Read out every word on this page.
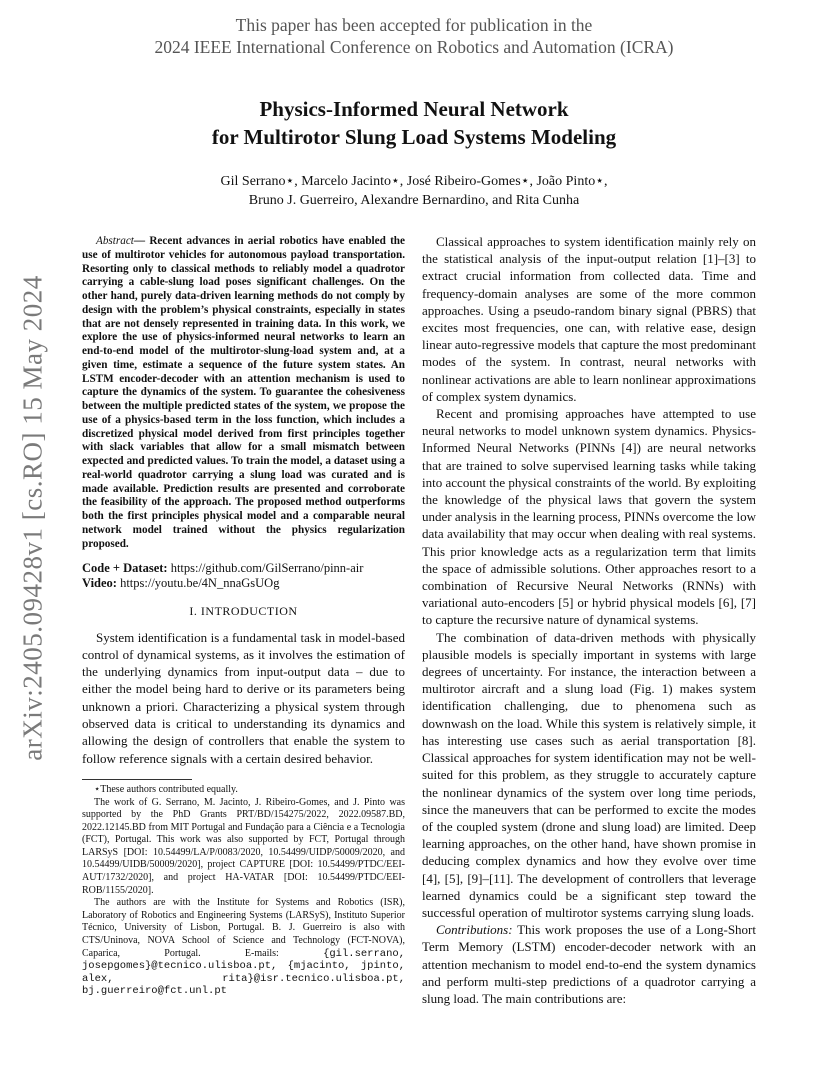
This paper has been accepted for publication in the
2024 IEEE International Conference on Robotics and Automation (ICRA)
arXiv:2405.09428v1 [cs.RO] 15 May 2024
Physics-Informed Neural Network
for Multirotor Slung Load Systems Modeling
Gil Serrano⋆, Marcelo Jacinto⋆, José Ribeiro-Gomes⋆, João Pinto⋆,
Bruno J. Guerreiro, Alexandre Bernardino, and Rita Cunha

Abstract— Recent advances in aerial robotics have enabled the use of multirotor vehicles for autonomous payload transportation. Resorting only to classical methods to reliably model a quadrotor carrying a cable-slung load poses significant challenges. On the other hand, purely data-driven learning methods do not comply by design with the problem’s physical constraints, especially in states that are not densely represented in training data. In this work, we explore the use of physics-informed neural networks to learn an end-to-end model of the multirotor-slung-load system and, at a given time, estimate a sequence of the future system states. An LSTM encoder-decoder with an attention mechanism is used to capture the dynamics of the system. To guarantee the cohesiveness between the multiple predicted states of the system, we propose the use of a physics-based term in the loss function, which includes a discretized physical model derived from first principles together with slack variables that allow for a small mismatch between expected and predicted values. To train the model, a dataset using a real-world quadrotor carrying a slung load was curated and is made available. Prediction results are presented and corroborate the feasibility of the approach. The proposed method outperforms both the first principles physical model and a comparable neural network model trained without the physics regularization proposed.

Code + Dataset: https://github.com/GilSerrano/pinn-air
Video: https://youtu.be/4N_nnaGsUOg
I. INTRODUCTION

System identification is a fundamental task in model-based control of dynamical systems, as it involves the estimation of the underlying dynamics from input-output data – due to either the model being hard to derive or its parameters being unknown a priori. Characterizing a physical system through observed data is critical to understanding its dynamics and allowing the design of controllers that enable the system to follow reference signals with a certain desired behavior.

⋆These authors contributed equally.

The work of G. Serrano, M. Jacinto, J. Ribeiro-Gomes, and J. Pinto was supported by the PhD Grants PRT/BD/154275/2022, 2022.09587.BD, 2022.12145.BD from MIT Portugal and Fundação para a Ciência e a Tecnologia (FCT), Portugal. This work was also supported by FCT, Portugal through LARSyS [DOI: 10.54499/LA/P/0083/2020, 10.54499/UIDP/50009/2020, and 10.54499/UIDB/50009/2020], project CAPTURE [DOI: 10.54499/PTDC/EEI-AUT/1732/2020], and project HA-VATAR [DOI: 10.54499/PTDC/EEI-ROB/1155/2020].

The authors are with the Institute for Systems and Robotics (ISR), Laboratory of Robotics and Engineering Systems (LARSyS), Instituto Superior Técnico, University of Lisbon, Portugal. B. J. Guerreiro is also with CTS/Uninova, NOVA School of Science and Technology (FCT-NOVA), Caparica, Portugal. E-mails:	{gil.serrano, josepgomes}@tecnico.ulisboa.pt, {mjacinto, jpinto, alex, rita}@isr.tecnico.ulisboa.pt, bj.guerreiro@fct.unl.pt

Classical approaches to system identification mainly rely on the statistical analysis of the input-output relation [1]–[3] to extract crucial information from collected data. Time and frequency-domain analyses are some of the more common approaches. Using a pseudo-random binary signal (PBRS) that excites most frequencies, one can, with relative ease, design linear auto-regressive models that capture the most predominant modes of the system. In contrast, neural networks with nonlinear activations are able to learn nonlinear approximations of complex system dynamics.

Recent and promising approaches have attempted to use neural networks to model unknown system dynamics. Physics-Informed Neural Networks (PINNs [4]) are neural networks that are trained to solve supervised learning tasks while taking into account the physical constraints of the world. By exploiting the knowledge of the physical laws that govern the system under analysis in the learning process, PINNs overcome the low data availability that may occur when dealing with real systems. This prior knowledge acts as a regularization term that limits the space of admissible solutions. Other approaches resort to a combination of Recursive Neural Networks (RNNs) with variational auto-encoders [5] or hybrid physical models [6], [7] to capture the recursive nature of dynamical systems.

The combination of data-driven methods with physically plausible models is specially important in systems with large degrees of uncertainty. For instance, the interaction between a multirotor aircraft and a slung load (Fig. 1) makes system identification challenging, due to phenomena such as downwash on the load. While this system is relatively simple, it has interesting use cases such as aerial transportation [8]. Classical approaches for system identification may not be well-suited for this problem, as they struggle to accurately capture the nonlinear dynamics of the system over long time periods, since the maneuvers that can be performed to excite the modes of the coupled system (drone and slung load) are limited. Deep learning approaches, on the other hand, have shown promise in deducing complex dynamics and how they evolve over time [4], [5], [9]–[11]. The development of controllers that leverage learned dynamics could be a significant step toward the successful operation of multirotor systems carrying slung loads.

Contributions: This work proposes the use of a Long-Short Term Memory (LSTM) encoder-decoder network with an attention mechanism to model end-to-end the system dynamics and perform multi-step predictions of a quadrotor carrying a slung load. The main contributions are:
